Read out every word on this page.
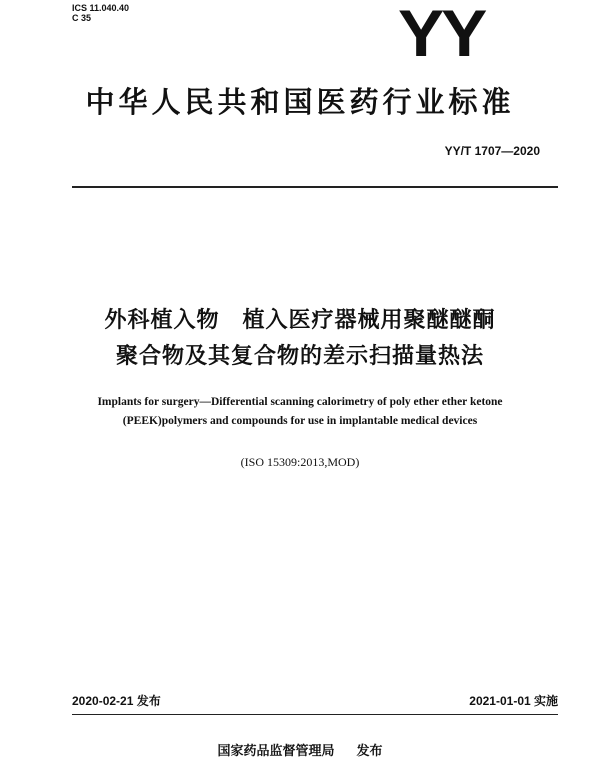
ICS 11.040.40
C 35	YY
中华人民共和国医药行业标准
YY/T 1707—2020
外科植入物　植入医疗器械用聚醚醚酮
聚合物及其复合物的差示扫描量热法
Implants for surgery—Differential scanning calorimetry of poly ether ether ketone
(PEEK)polymers and compounds for use in implantable medical devices
(ISO 15309:2013,MOD)
2020-02-21 发布	2021-01-01 实施
国家药品监督管理局 发布
